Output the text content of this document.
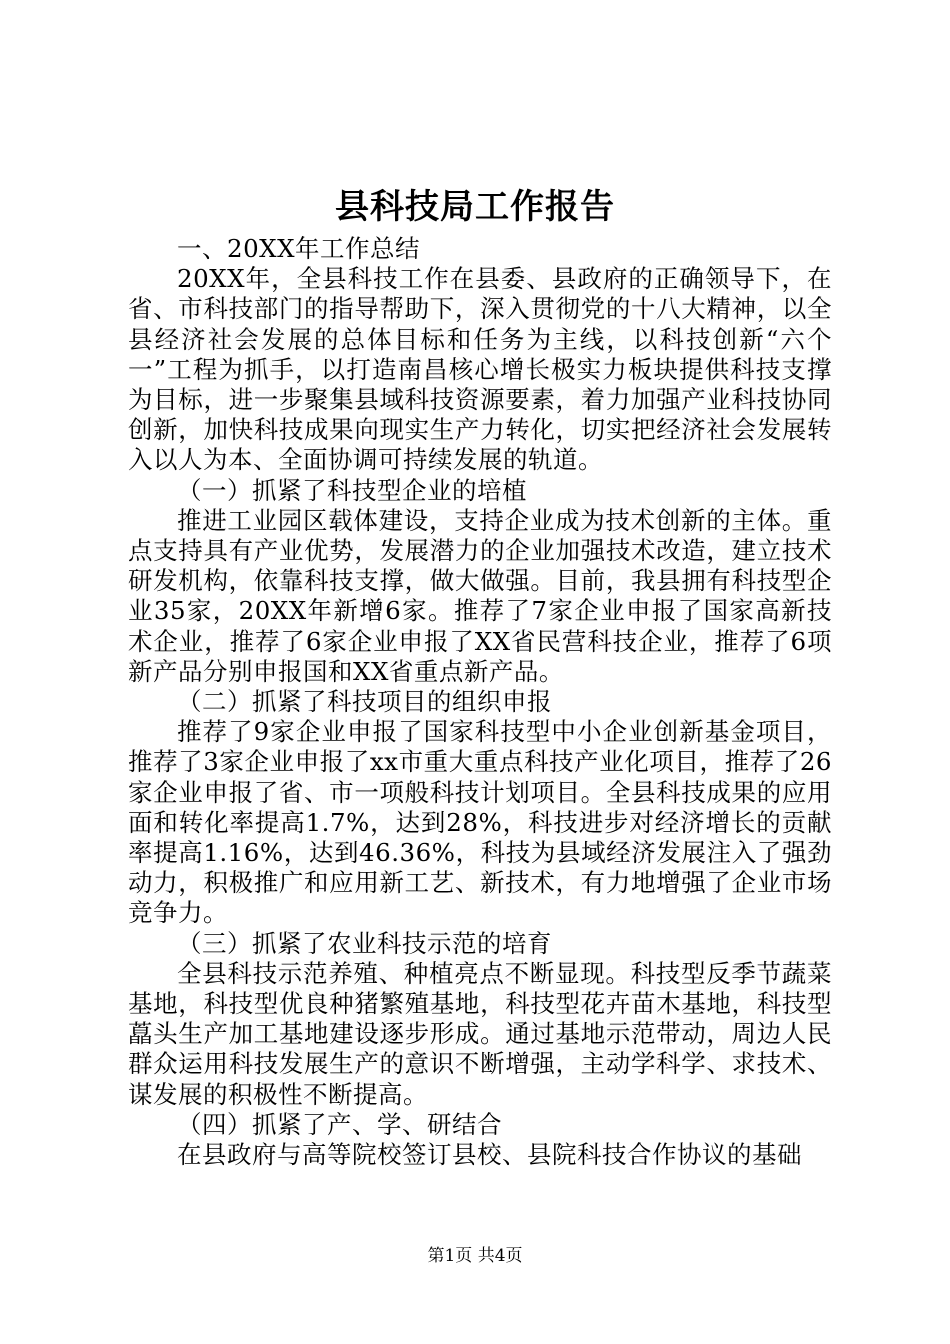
县科技局工作报告

一、20XX年工作总结

20XX年，全县科技工作在县委、县政府的正确领导下，在省、市科技部门的指导帮助下，深入贯彻党的十八大精神，以全县经济社会发展的总体目标和任务为主线，以科技创新“六个一”工程为抓手，以打造南昌核心增长极实力板块提供科技支撑为目标，进一步聚集县域科技资源要素，着力加强产业科技协同创新，加快科技成果向现实生产力转化，切实把经济社会发展转入以人为本、全面协调可持续发展的轨道。

（一）抓紧了科技型企业的培植

推进工业园区载体建设，支持企业成为技术创新的主体。重点支持具有产业优势，发展潜力的企业加强技术改造，建立技术研发机构，依靠科技支撑，做大做强。目前，我县拥有科技型企业35家，20XX年新增6家。推荐了7家企业申报了国家高新技术企业，推荐了6家企业申报了XX省民营科技企业，推荐了6项新产品分别申报国和XX省重点新产品。

（二）抓紧了科技项目的组织申报

推荐了9家企业申报了国家科技型中小企业创新基金项目，推荐了3家企业申报了xx市重大重点科技产业化项目，推荐了26家企业申报了省、市一项般科技计划项目。全县科技成果的应用面和转化率提高1.7%，达到28%，科技进步对经济增长的贡献率提高1.16%，达到46.36%，科技为县域经济发展注入了强劲动力，积极推广和应用新工艺、新技术，有力地增强了企业市场竞争力。

（三）抓紧了农业科技示范的培育

全县科技示范养殖、种植亮点不断显现。科技型反季节蔬菜基地，科技型优良种猪繁殖基地，科技型花卉苗木基地，科技型藠头生产加工基地建设逐步形成。通过基地示范带动，周边人民群众运用科技发展生产的意识不断增强，主动学科学、求技术、谋发展的积极性不断提高。

（四）抓紧了产、学、研结合

在县政府与高等院校签订县校、县院科技合作协议的基础

第1页 共4页
